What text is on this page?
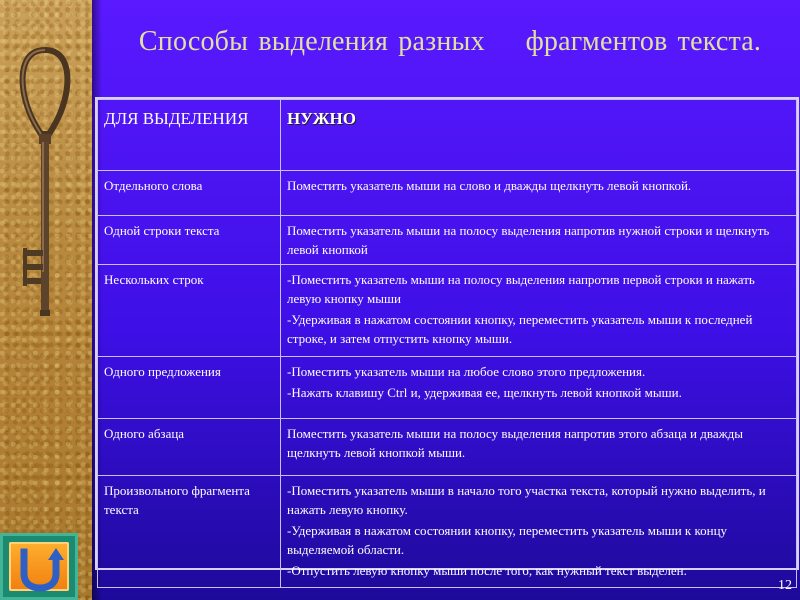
Способы выделения разных    фрагментов текста.
ДЛЯ ВЫДЕЛЕНИЯ	НУЖНО
Отдельного слова	Поместить указатель мыши на слово и дважды щелкнуть левой кнопкой.
Одной строки текста	Поместить указатель мыши на полосу выделения напротив нужной строки и щелкнуть левой кнопкой
Нескольких строк	-Поместить указатель мыши на полосу выделения напротив первой строки и нажать левую кнопку мыши

-Удерживая в нажатом состоянии кнопку, переместить указатель мыши к последней строке, и затем отпустить кнопку мыши.

Одного предложения	-Поместить указатель мыши на любое слово этого предложения.

-Нажать клавишу Ctrl и, удерживая ее, щелкнуть левой кнопкой мыши.

Одного абзаца	Поместить указатель мыши на полосу выделения напротив этого абзаца и дважды щелкнуть левой кнопкой мыши.
Произвольного фрагмента текста	-Поместить указатель мыши в начало того участка текста, который нужно выделить, и нажать левую кнопку.

-Удерживая в нажатом состоянии кнопку, переместить указатель мыши к концу выделяемой области.

-Отпустить левую кнопку мыши после того, как нужный текст выделен.

12
